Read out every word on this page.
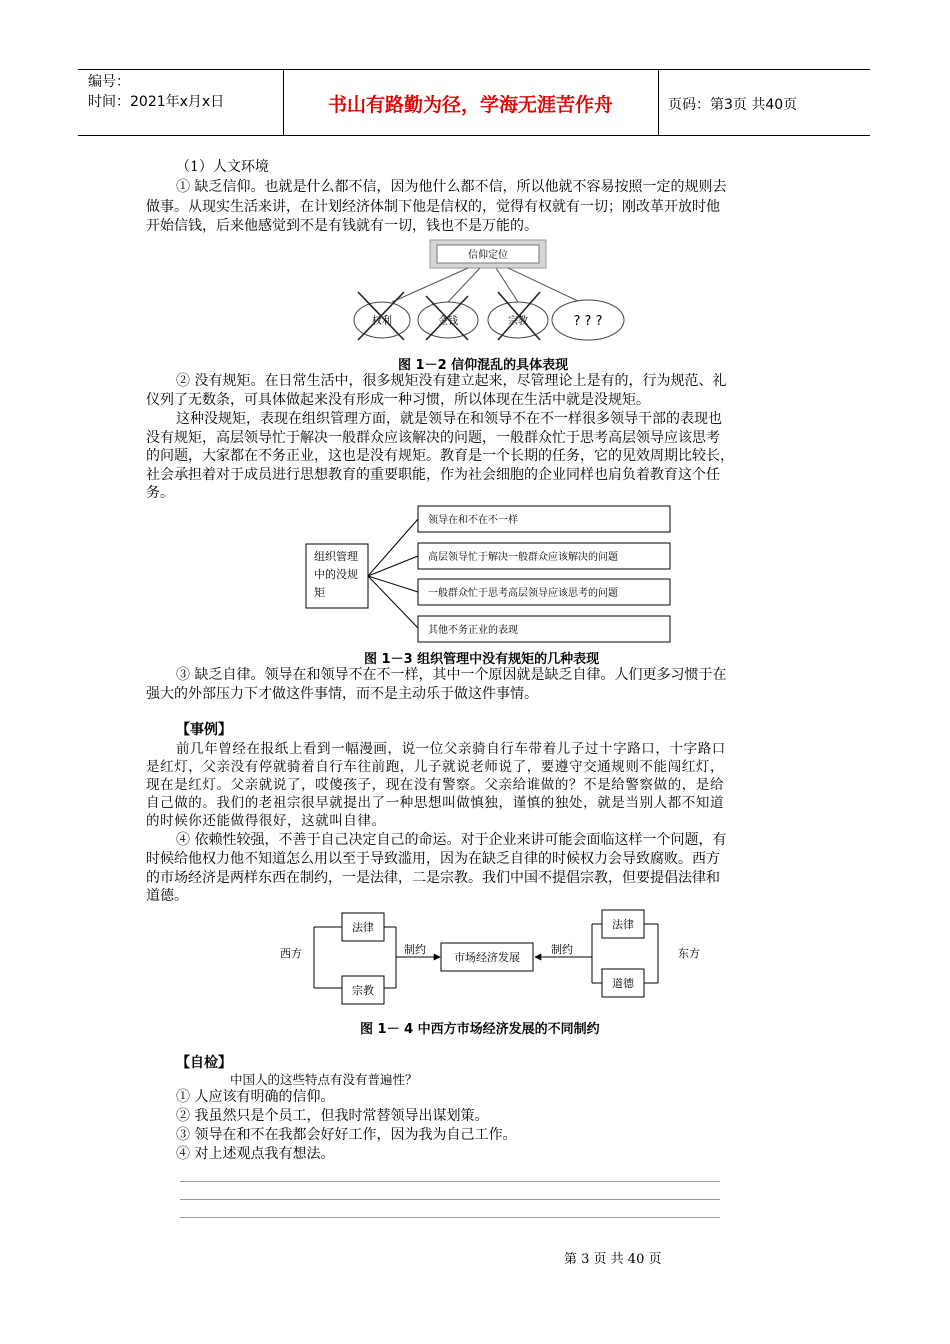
编号：
时间：2021年x月x日	书山有路勤为径，学海无涯苦作舟	页码：第3页 共40页
（1）人文环境
① 缺乏信仰。也就是什么都不信，因为他什么都不信，所以他就不容易按照一定的规则去
做事。从现实生活来讲，在计划经济体制下他是信权的，觉得有权就有一切；刚改革开放时他
开始信钱，后来他感觉到不是有钱就有一切，钱也不是万能的。
信仰定位
权利	金钱	宗教	? ? ?
图 1－2 信仰混乱的具体表现
② 没有规矩。在日常生活中，很多规矩没有建立起来，尽管理论上是有的，行为规范、礼
仪列了无数条，可具体做起来没有形成一种习惯，所以体现在生活中就是没规矩。
这种没规矩，表现在组织管理方面，就是领导在和领导不在不一样很多领导干部的表现也
没有规矩，高层领导忙于解决一般群众应该解决的问题，一般群众忙于思考高层领导应该思考
的问题，大家都在不务正业，这也是没有规矩。教育是一个长期的任务，它的见效周期比较长，
社会承担着对于成员进行思想教育的重要职能，作为社会细胞的企业同样也肩负着教育这个任
务。
组织管理
中的没规
矩
领导在和不在不一样
高层领导忙于解决一般群众应该解决的问题
一般群众忙于思考高层领导应该思考的问题
其他不务正业的表现
图 1－3 组织管理中没有规矩的几种表现
③ 缺乏自律。领导在和领导不在不一样，其中一个原因就是缺乏自律。人们更多习惯于在
强大的外部压力下才做这件事情，而不是主动乐于做这件事情。
【事例】
前几年曾经在报纸上看到一幅漫画，说一位父亲骑自行车带着儿子过十字路口，十字路口
是红灯，父亲没有停就骑着自行车往前跑，儿子就说老师说了，要遵守交通规则不能闯红灯，
现在是红灯。父亲就说了，哎傻孩子，现在没有警察。父亲给谁做的？不是给警察做的，是给
自己做的。我们的老祖宗很早就提出了一种思想叫做慎独，谨慎的独处，就是当别人都不知道
的时候你还能做得很好，这就叫自律。
④ 依赖性较强，不善于自己决定自己的命运。对于企业来讲可能会面临这样一个问题，有
时候给他权力他不知道怎么用以至于导致滥用，因为在缺乏自律的时候权力会导致腐败。西方
的市场经济是两样东西在制约，一是法律，二是宗教。我们中国不提倡宗教，但要提倡法律和
道德。
西方	东方
法律
宗教
制约
市场经济发展
制约
法律
道德
图 1－ 4 中西方市场经济发展的不同制约
【自检】
中国人的这些特点有没有普遍性？
① 人应该有明确的信仰。
② 我虽然只是个员工，但我时常替领导出谋划策。
③ 领导在和不在我都会好好工作，因为我为自己工作。
④ 对上述观点我有想法。
第 3 页 共 40 页
